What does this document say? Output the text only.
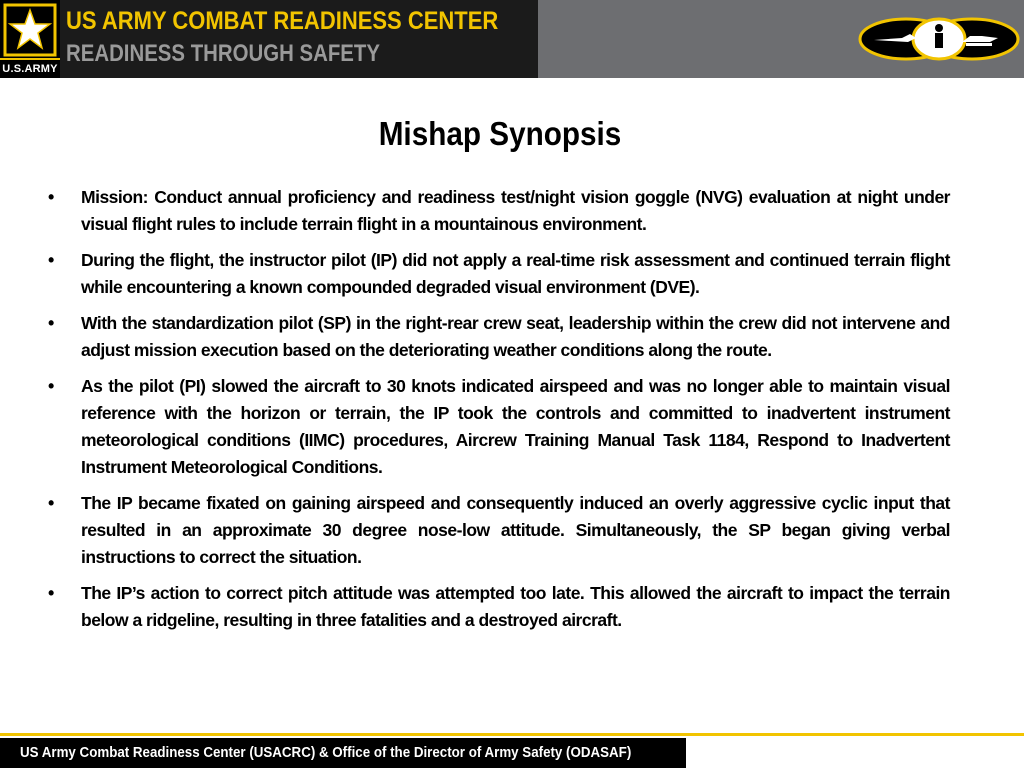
U.S.ARMY
US ARMY COMBAT READINESS CENTER
READINESS THROUGH SAFETY
Mishap Synopsis
• Mission: Conduct annual proficiency and readiness test/night vision goggle (NVG) evaluation at night under visual flight rules to include terrain flight in a mountainous environment.
• During the flight, the instructor pilot (IP) did not apply a real-time risk assessment and continued terrain flight while encountering a known compounded degraded visual environment (DVE).
• With the standardization pilot (SP) in the right-rear crew seat, leadership within the crew did not intervene and adjust mission execution based on the deteriorating weather conditions along the route.
• As the pilot (PI) slowed the aircraft to 30 knots indicated airspeed and was no longer able to maintain visual reference with the horizon or terrain, the IP took the controls and committed to inadvertent instrument meteorological conditions (IIMC) procedures, Aircrew Training Manual Task 1184, Respond to Inadvertent Instrument Meteorological Conditions.
• The IP became fixated on gaining airspeed and consequently induced an overly aggressive cyclic input that resulted in an approximate 30 degree nose-low attitude. Simultaneously, the SP began giving verbal instructions to correct the situation.
• The IP’s action to correct pitch attitude was attempted too late. This allowed the aircraft to impact the terrain below a ridgeline, resulting in three fatalities and a destroyed aircraft.
US Army Combat Readiness Center (USACRC) & Office of the Director of Army Safety (ODASAF)
